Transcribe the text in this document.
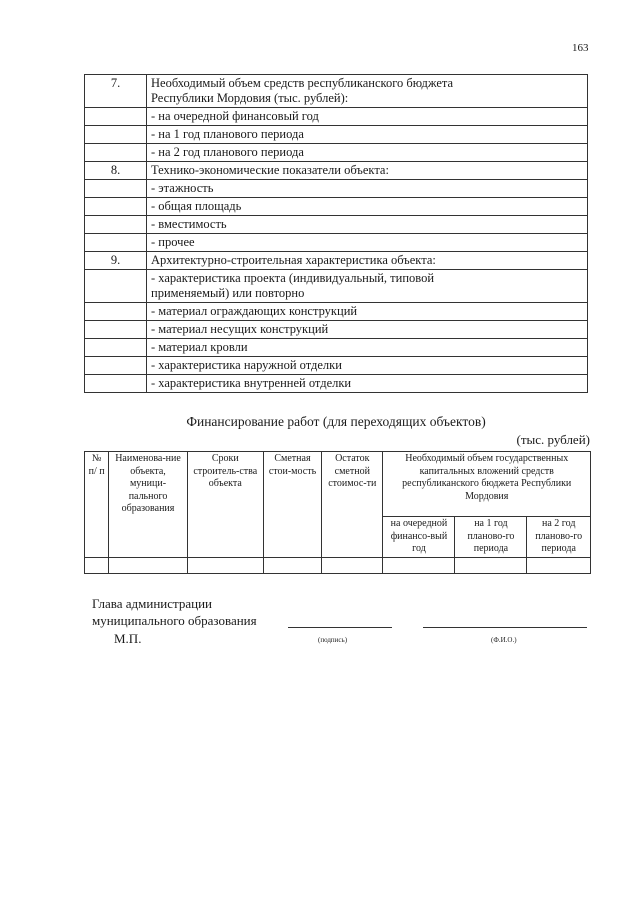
163
7.	Необходимый объем средств республиканского бюджета
Республики Мордовия (тыс. рублей):

	- на очередной финансовый год

	- на 1 год планового периода

	- на 2 год планового периода

8.	Технико-экономические показатели объекта:

	- этажность

	- общая площадь

	- вместимость

	- прочее

9.	Архитектурно-строительная характеристика объекта:

	- характеристика проекта (индивидуальный, типовой
применяемый) или повторно

	- материал ограждающих конструкций

	- материал несущих конструкций

	- материал кровли

	- характеристика наружной отделки

	- характеристика внутренней отделки
Финансирование работ (для переходящих объектов)
(тыс. рублей)
№ п/ п	Наименова-ние объекта, муници-пального образования	Сроки строитель-ства объекта	Сметная стои-мость	Остаток сметной стоимос-ти	Необходимый объем государственных капитальных вложений средств республиканского бюджета Республики Мордовия		
					на очередной финансо-вый год	на 1 год планово-го периода	на 2 год планово-го периода

Глава администрации
муниципального образования
М.П.	(подпись)	(Ф.И.О.)
